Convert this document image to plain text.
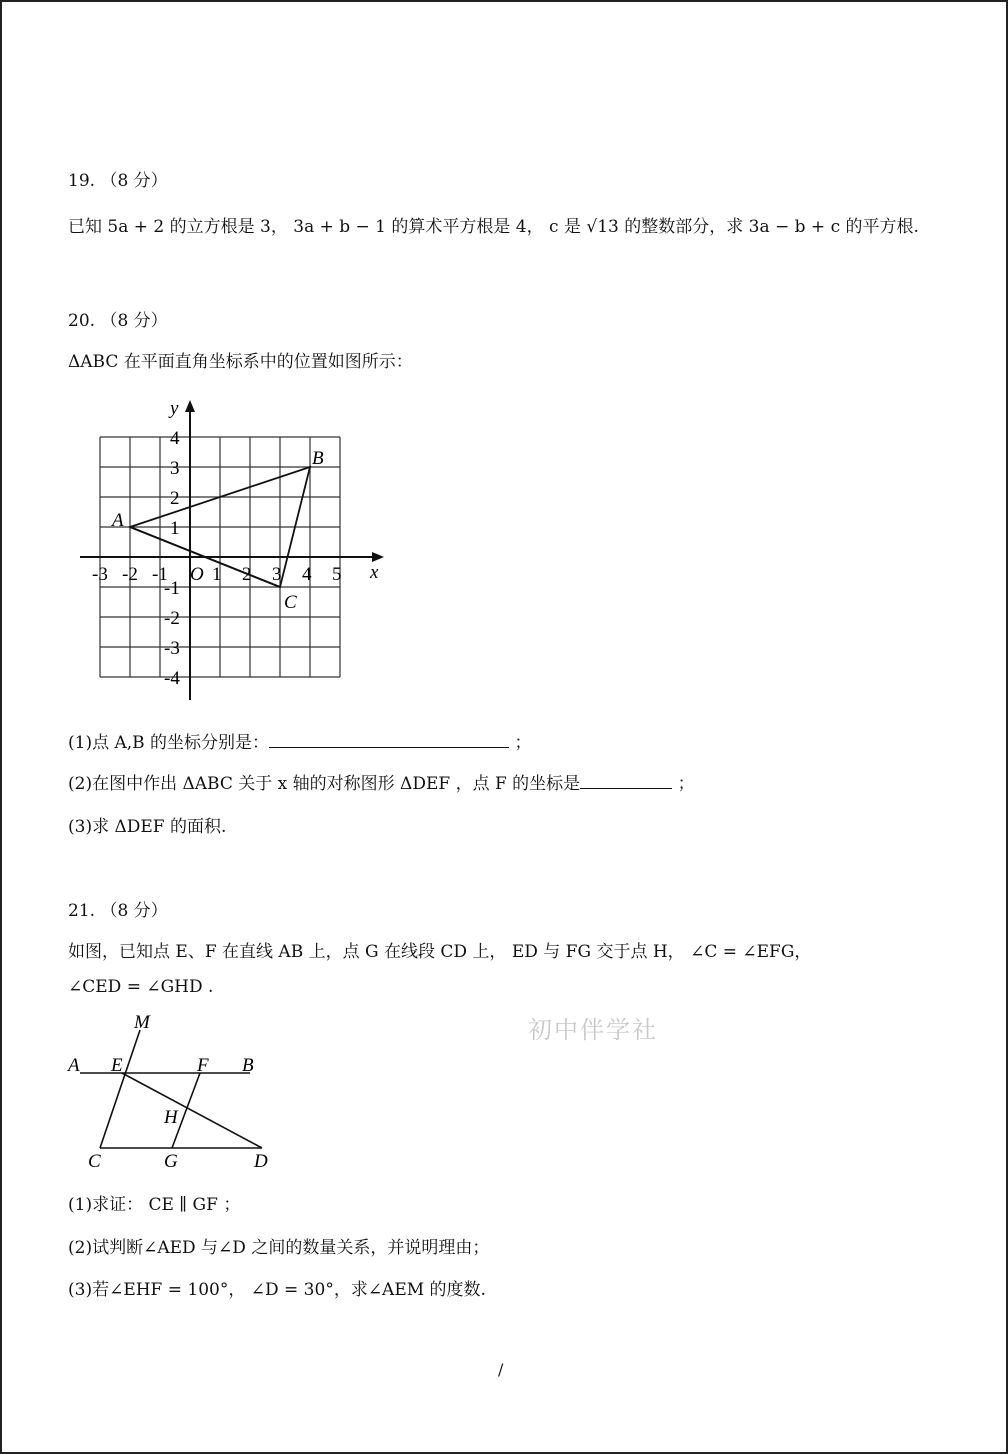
19. （8 分）
已知 5a + 2 的立方根是 3， 3a + b − 1 的算术平方根是 4， c 是 √13 的整数部分，求 3a − b + c 的平方根.
20. （8 分）
ΔABC 在平面直角坐标系中的位置如图所示：
y
x
O
A
B
C
-3 -2 -1 1 2 3 4 5
4
3
2
1
-1
-2
-3
-4
(1)点 A,B 的坐标分别是：	；
(2)在图中作出 ΔABC 关于 x 轴的对称图形 ΔDEF ，点 F 的坐标是	；
(3)求 ΔDEF 的面积.
21. （8 分）
如图，已知点 E、F 在直线 AB 上，点 G 在线段 CD 上， ED 与 FG 交于点 H， ∠C = ∠EFG，
∠CED = ∠GHD .
M
A E	F B
H
C	G	D
初中伴学社
(1)求证： CE ∥ GF ；
(2)试判断∠AED 与∠D 之间的数量关系，并说明理由；
(3)若∠EHF = 100°， ∠D = 30°，求∠AEM 的度数.
/
